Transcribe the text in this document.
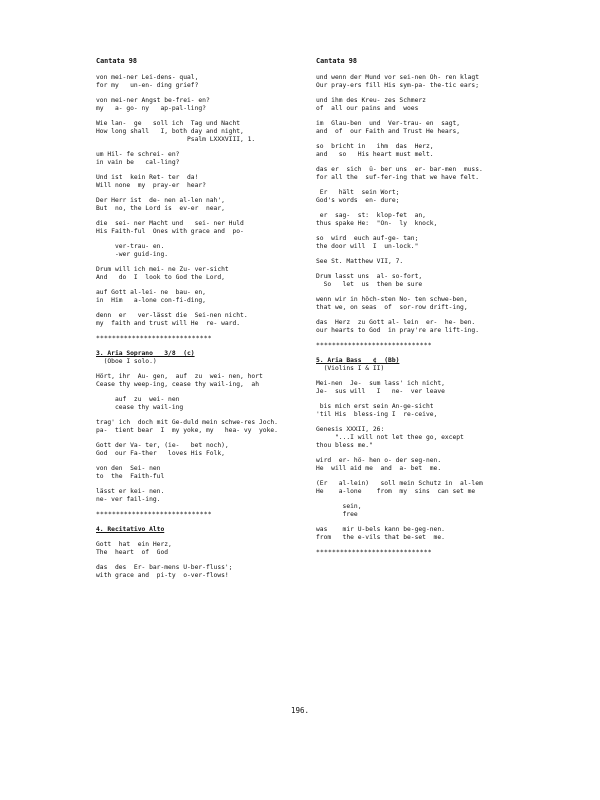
Cantata 98
von mei-ner Lei-dens- qual,
for my   un-en- ding grief?
von mei-ner Angst be-frei- en?
my   a- go- ny   ap-pal-ling?
Wie lan-  ge   soll ich  Tag und Nacht
How long shall   I, both day and night,
Psalm LXXXVIII, 1.
um Hil- fe schrei- en?
in vain be   cal-ling?
Und ist  kein Ret- ter  da!
Will none  my  pray-er  hear?
Der Herr ist  de- nen al-len nah',
But  no, the Lord is  ev-er  near,
die  sei- ner Macht und   sei- ner Huld
His Faith-ful  Ones with grace and  po-
ver-trau- en.
-wer guid-ing.
Drum will ich mei- ne Zu- ver-sicht
And   do  I  look to God the Lord,
auf Gott al-lei- ne  bau- en,
in  Him   a-lone con-fi-ding,
denn  er   ver-lässt die  Sei-nen nicht.
my  faith and trust will He  re- ward.
*****************************
3. Aria Soprano   3/8  (c)
(Oboe I solo.)
Hört, ihr  Au- gen,  auf  zu  wei- nen, hort
Cease thy weep-ing, cease thy wail-ing,  ah
auf  zu  wei- nen
cease thy wail-ing
trag' ich  doch mit Ge-duld mein schwe-res Joch.
pa-  tient bear  I  my yoke, my   hea- vy  yoke.
Gott der Va- ter, (ie-   bet noch),
God  our Fa-ther   loves His Folk,
von den  Sei- nen
to  the  Faith-ful
lässt er kei- nen.
ne- ver fail-ing.
*****************************
4. Recitativo Alto
Gott  hat  ein Herz,
The  heart  of  God
das  des  Er- bar-mens Ü-ber-fluss';
with grace and  pi-ty  o-ver-flows!
Cantata 98
und wenn der Mund vor sei-nen Oh- ren klagt
Our pray-ers fill His sym-pa- the-tic ears;
und ihm des Kreu- zes Schmerz
of  all our pains and  woes
im  Glau-ben  und  Ver-trau- en  sagt,
and  of  our Faith and Trust He hears,
so  bricht in   ihm  das  Herz,
and   so   His heart must melt.
das er  sich  ü- ber uns  er- bar-men  muss.
for all the  suf-fer-ing that we have felt.
Er   hält  sein Wort;
God's words  en- dure;
er  sag-  st:  klop-fet  an,
thus spake He:  "On-  ly  knock,
so  wird  euch auf-ge- tan;
the door will  I  un-lock."
See St. Matthew VII, 7.
Drum lasst uns  al- so-fort,
So   let  us  then be sure
wenn wir in höch-sten No- ten schwe-ben,
that we, on seas  of  sor-row drift-ing,
das  Herz  zu Gott al- lein  er-  he- ben.
our hearts to God  in pray're are lift-ing.
*****************************
5. Aria Bass   ¢  (Bb)
(Violins I & II)
Mei-nen  Je-  sum lass' ich nicht,
Je-  sus will   I   ne-  ver leave
bis mich erst sein An-ge-sicht
'til His  bless-ing I  re-ceive,
Genesis XXXII, 26:
"...I will not let thee go, except
thou bless me."
wird  er- hö- hen o- der seg-nen.
He  will aid me  and  a- bet  me.
(Er   al-lein)   soll mein Schutz in  al-lem
He    a-lone    from  my  sins  can set me
sein,
free
was    mir Ü-bels kann be-geg-nen.
from   the e-vils that be-set  me.
*****************************
196.
